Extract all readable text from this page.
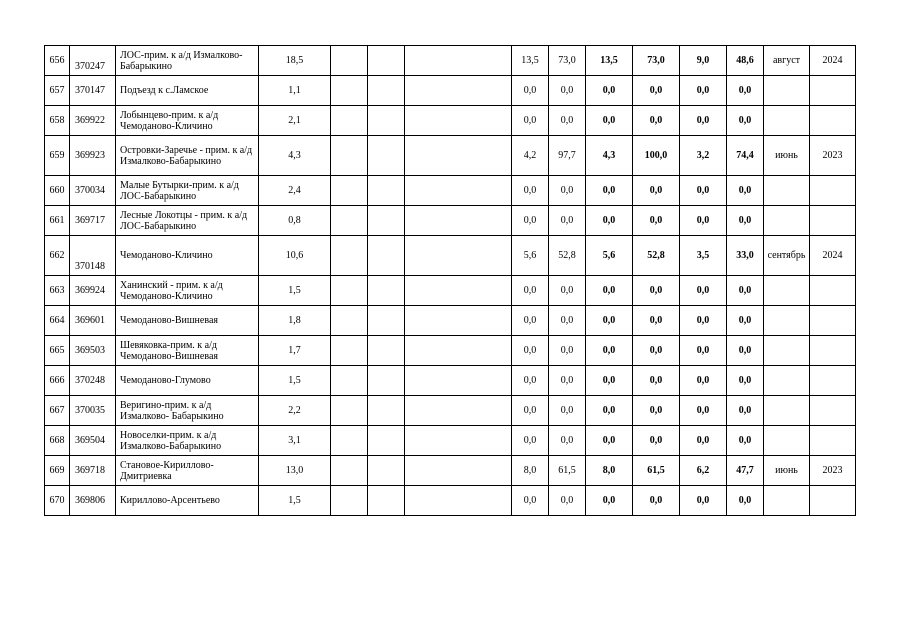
656	370247	ЛОС-прим. к а/д Измалково-Бабарыкино	18,5				13,5	73,0	13,5	73,0	9,0	48,6	август	2024
657	370147	Подъезд к с.Ламское	1,1				0,0	0,0	0,0	0,0	0,0	0,0		
658	369922	Лобынцево-прим. к а/д Чемоданово-Кличино	2,1				0,0	0,0	0,0	0,0	0,0	0,0		
659	369923	Островки-Заречье - прим. к а/д Измалково-Бабарыкино	4,3				4,2	97,7	4,3	100,0	3,2	74,4	июнь	2023
660	370034	Малые Бутырки-прим. к а/д ЛОС-Бабарыкино	2,4				0,0	0,0	0,0	0,0	0,0	0,0		
661	369717	Лесные Локотцы - прим. к а/д ЛОС-Бабарыкино	0,8				0,0	0,0	0,0	0,0	0,0	0,0		
662	370148	Чемоданово-Кличино	10,6				5,6	52,8	5,6	52,8	3,5	33,0	сентябрь	2024
663	369924	Ханинский - прим. к а/д Чемоданово-Кличино	1,5				0,0	0,0	0,0	0,0	0,0	0,0		
664	369601	Чемоданово-Вишневая	1,8				0,0	0,0	0,0	0,0	0,0	0,0		
665	369503	Шевяковка-прим. к а/д Чемоданово-Вишневая	1,7				0,0	0,0	0,0	0,0	0,0	0,0		
666	370248	Чемоданово-Глумово	1,5				0,0	0,0	0,0	0,0	0,0	0,0		
667	370035	Веригино-прим. к а/д Измалково- Бабарыкино	2,2				0,0	0,0	0,0	0,0	0,0	0,0		
668	369504	Новоселки-прим. к а/д Измалково-Бабарыкино	3,1				0,0	0,0	0,0	0,0	0,0	0,0		
669	369718	Становое-Кириллово-Дмитриевка	13,0				8,0	61,5	8,0	61,5	6,2	47,7	июнь	2023
670	369806	Кириллово-Арсентьево	1,5				0,0	0,0	0,0	0,0	0,0	0,0		
